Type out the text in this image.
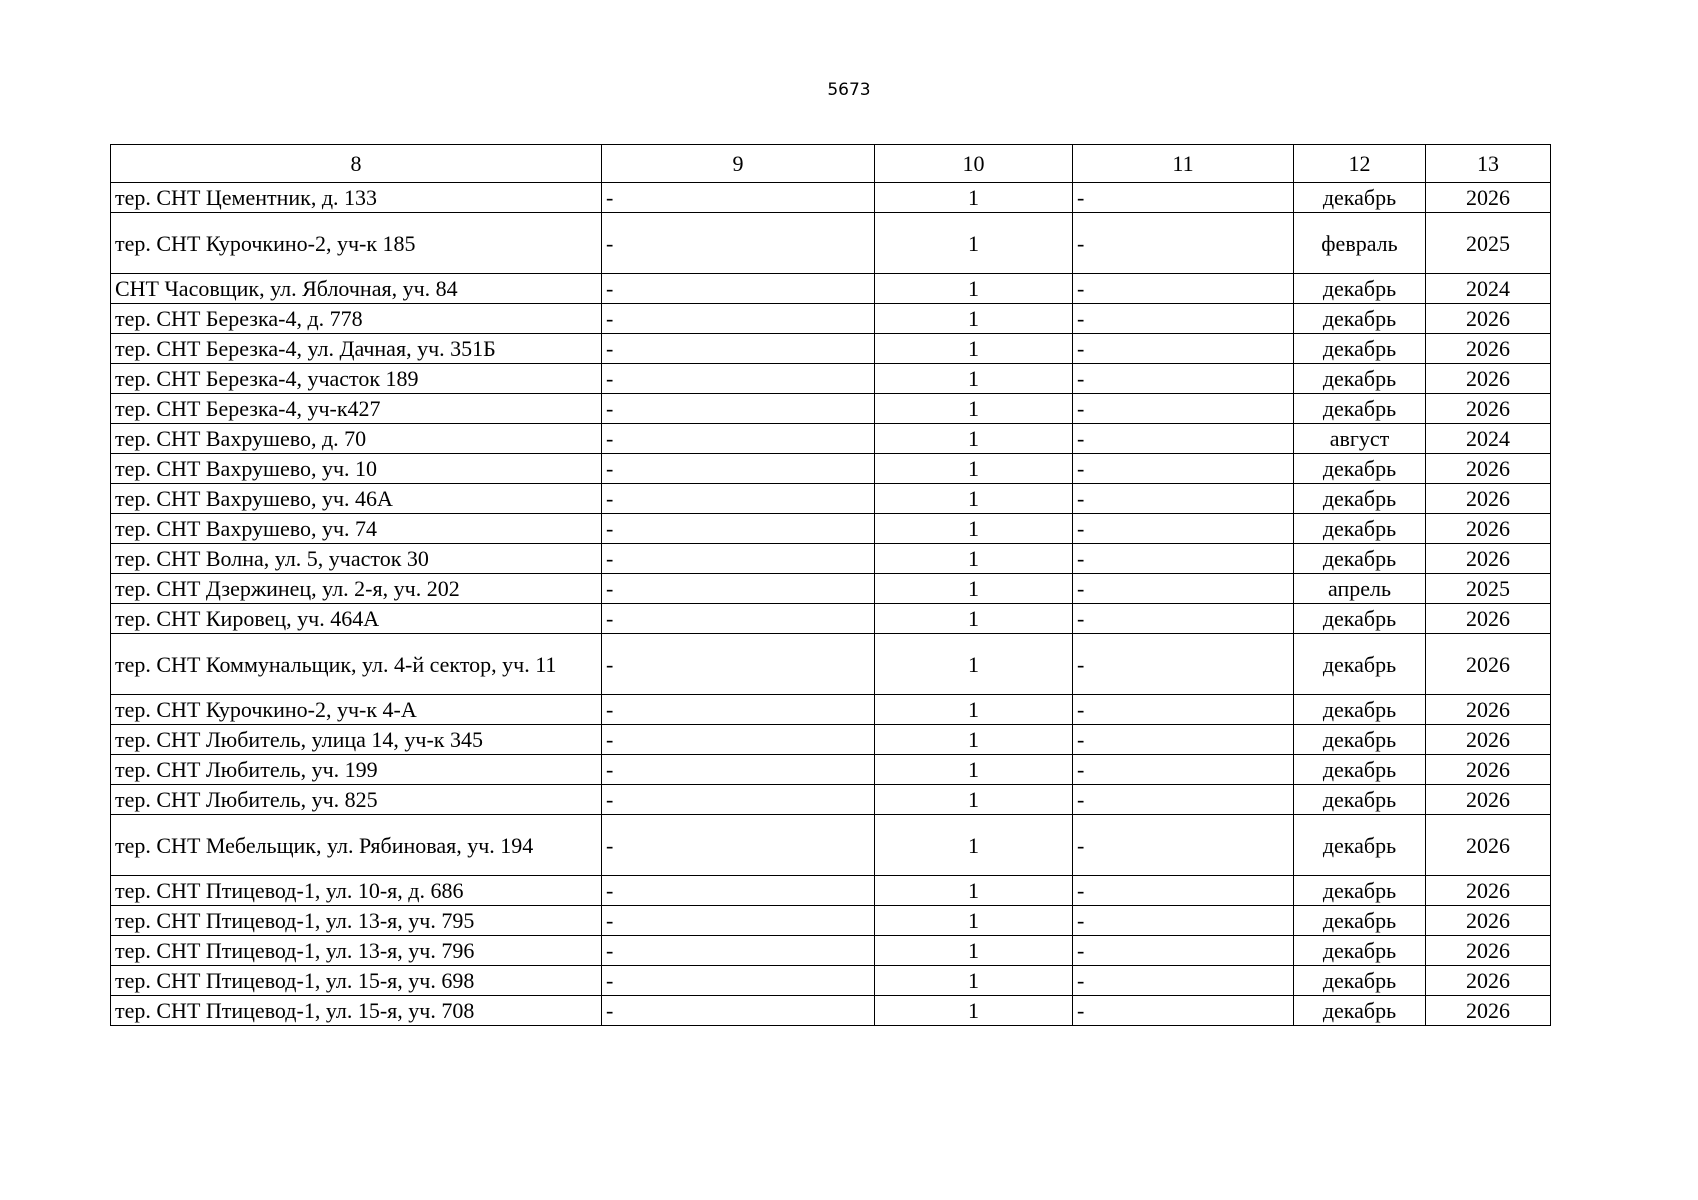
5673
8	9	10	11	12	13
тер. СНТ Цементник, д. 133	-	1	-	декабрь	2026
тер. СНТ Курочкино-2, уч-к 185	-	1	-	февраль	2025
СНТ Часовщик, ул. Яблочная, уч. 84	-	1	-	декабрь	2024
тер. СНТ Березка-4, д. 778	-	1	-	декабрь	2026
тер. СНТ Березка-4, ул. Дачная, уч. 351Б	-	1	-	декабрь	2026
тер. СНТ Березка-4, участок 189	-	1	-	декабрь	2026
тер. СНТ Березка-4, уч-к427	-	1	-	декабрь	2026
тер. СНТ Вахрушево, д. 70	-	1	-	август	2024
тер. СНТ Вахрушево, уч. 10	-	1	-	декабрь	2026
тер. СНТ Вахрушево, уч. 46А	-	1	-	декабрь	2026
тер. СНТ Вахрушево, уч. 74	-	1	-	декабрь	2026
тер. СНТ Волна, ул. 5, участок 30	-	1	-	декабрь	2026
тер. СНТ Дзержинец, ул. 2-я, уч. 202	-	1	-	апрель	2025
тер. СНТ Кировец, уч. 464А	-	1	-	декабрь	2026
тер. СНТ Коммунальщик, ул. 4-й сектор, уч. 11	-	1	-	декабрь	2026
тер. СНТ Курочкино-2, уч-к 4-А	-	1	-	декабрь	2026
тер. СНТ Любитель, улица 14, уч-к 345	-	1	-	декабрь	2026
тер. СНТ Любитель, уч. 199	-	1	-	декабрь	2026
тер. СНТ Любитель, уч. 825	-	1	-	декабрь	2026
тер. СНТ Мебельщик, ул. Рябиновая, уч. 194	-	1	-	декабрь	2026
тер. СНТ Птицевод-1, ул. 10-я, д. 686	-	1	-	декабрь	2026
тер. СНТ Птицевод-1, ул. 13-я, уч. 795	-	1	-	декабрь	2026
тер. СНТ Птицевод-1, ул. 13-я, уч. 796	-	1	-	декабрь	2026
тер. СНТ Птицевод-1, ул. 15-я, уч. 698	-	1	-	декабрь	2026
тер. СНТ Птицевод-1, ул. 15-я, уч. 708	-	1	-	декабрь	2026
